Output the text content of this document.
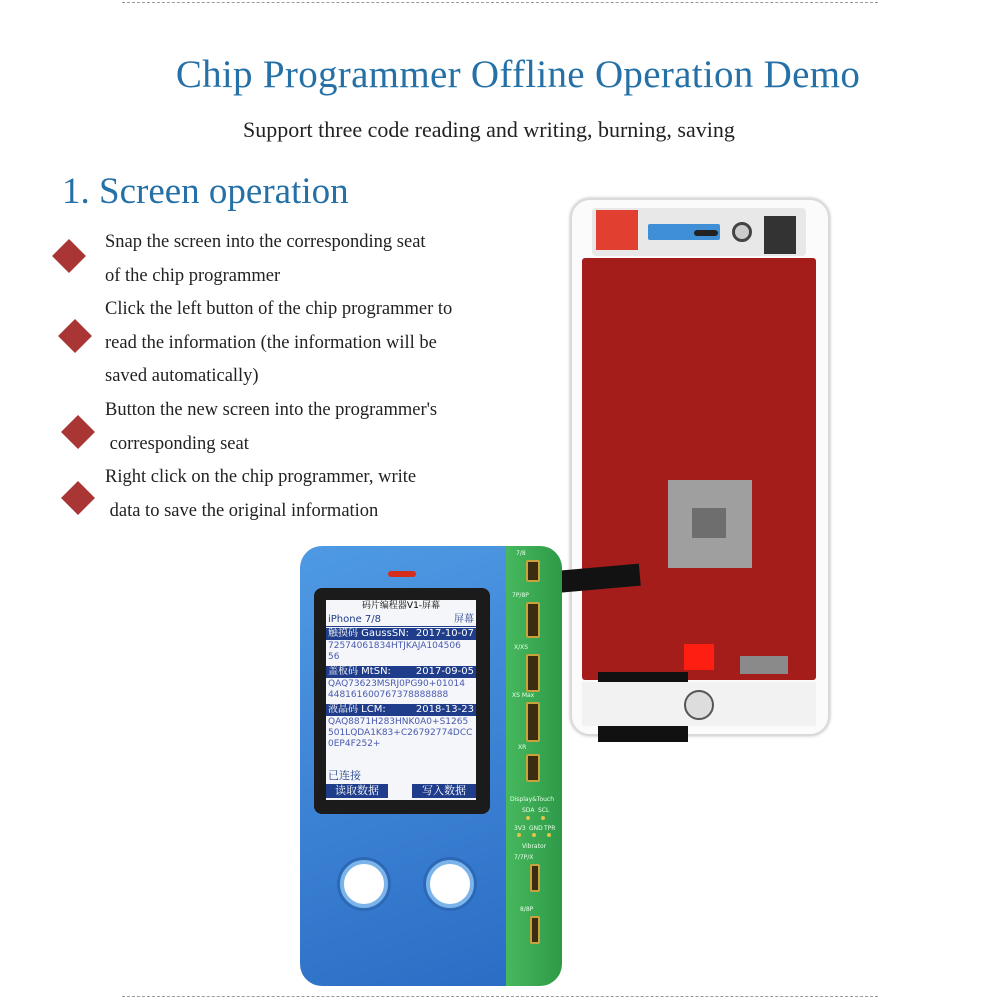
Chip Programmer Offline Operation Demo
Support three code reading and writing, burning, saving
1. Screen operation
Snap the screen into the corresponding seat
of the chip programmer
Click the left button of the chip programmer to
read the information (the information will be
saved automatically)
Button the new screen into the programmer's
corresponding seat
Right click on the chip programmer, write
data to save the original information
码片编程器V1-屏幕
iPhone 7/8	屏幕
触摸码 GaussSN: 2017-10-07
72574061834HTJKAJA104506
56
盖板码 MtSN: 2017-09-05
QAQ73623MSRJ0PG90+01014
448161600767378888888
液晶码 LCM:	2018-13-23
QAQ8871H283HNK0A0+S1265
501LQDA1K83+C26792774DCC
0EP4F252+
已连接
读取数据	写入数据
7/8
7P/8P
X/XS
XS Max
XR
Display&Touch
SDA SCL
3V3 GND TPR
Vibrator
7/7P/X
8/8P
